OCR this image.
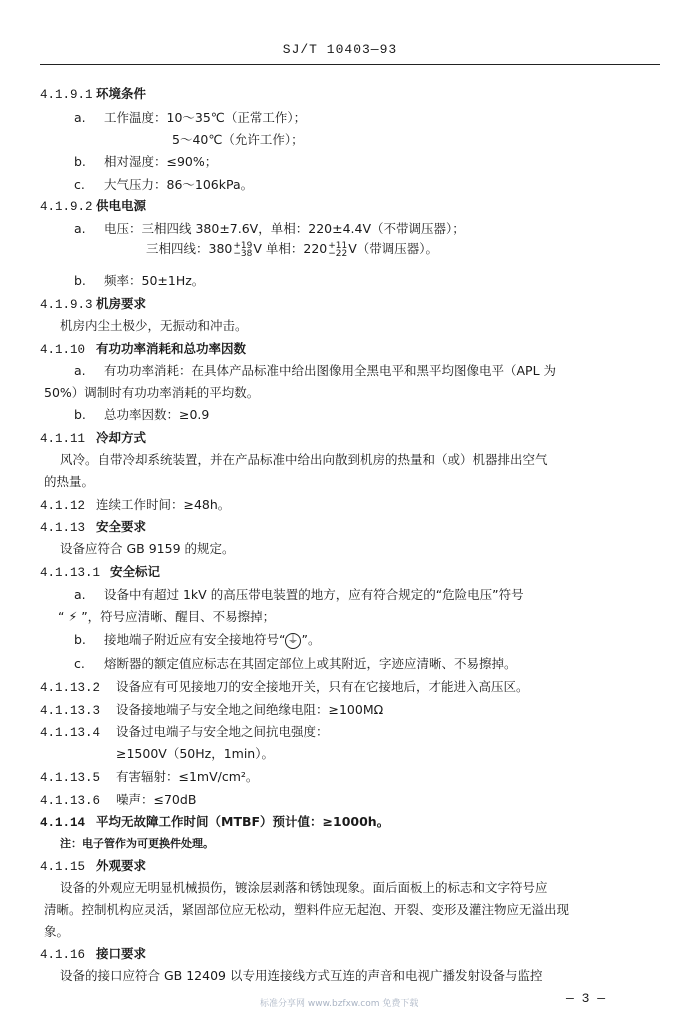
SJ/T 10403—93
4.1.9.1 环境条件
a. 工作温度：10～35℃（正常工作）；
5～40℃（允许工作）；
b. 相对湿度：≤90%；
c. 大气压力：86～106kPa。
4.1.9.2 供电电源
a. 电压：三相四线 380±7.6V，单相：220±4.4V（不带调压器）；
三相四线：380 +19
−38 V 单相：220 +11
−22 V（带调压器）。
b. 频率：50±1Hz。
4.1.9.3 机房要求
机房内尘土极少，无振动和冲击。
4.1.10 有功功率消耗和总功率因数
a. 有功功率消耗：在具体产品标准中给出图像用全黑电平和黑平均图像电平（APL 为
50%）调制时有功功率消耗的平均数。
b. 总功率因数：≥0.9
4.1.11 冷却方式
风冷。自带冷却系统装置，并在产品标准中给出向散到机房的热量和（或）机器排出空气
的热量。
4.1.12 连续工作时间：≥48h。
4.1.13 安全要求
设备应符合 GB 9159 的规定。
4.1.13.1 安全标记
a. 设备中有超过 1kV 的高压带电装置的地方，应有符合规定的“危险电压”符号
“ ⚡ ”，符号应清晰、醒目、不易擦掉；
b. 接地端子附近应有安全接地符号“⏚ ”。
c. 熔断器的额定值应标志在其固定部位上或其附近，字迹应清晰、不易擦掉。
4.1.13.2 设备应有可见接地刀的安全接地开关，只有在它接地后，才能进入高压区。
4.1.13.3 设备接地端子与安全地之间绝缘电阻：≥100MΩ
4.1.13.4 设备过电端子与安全地之间抗电强度：
≥1500V（50Hz，1min）。
4.1.13.5 有害辐射：≤1mV/cm²。
4.1.13.6 噪声：≤70dB
4.1.14 平均无故障工作时间（MTBF）预计值：≥1000h。
注：电子管作为可更换件处理。
4.1.15 外观要求
设备的外观应无明显机械损伤，镀涂层剥落和锈蚀现象。面后面板上的标志和文字符号应
清晰。控制机构应灵活，紧固部位应无松动，塑料件应无起泡、开裂、变形及灌注物应无溢出现
象。
4.1.16 接口要求
设备的接口应符合 GB 12409 以专用连接线方式互连的声音和电视广播发射设备与监控
标准分享网 www.bzfxw.com 免费下载	— 3 —
